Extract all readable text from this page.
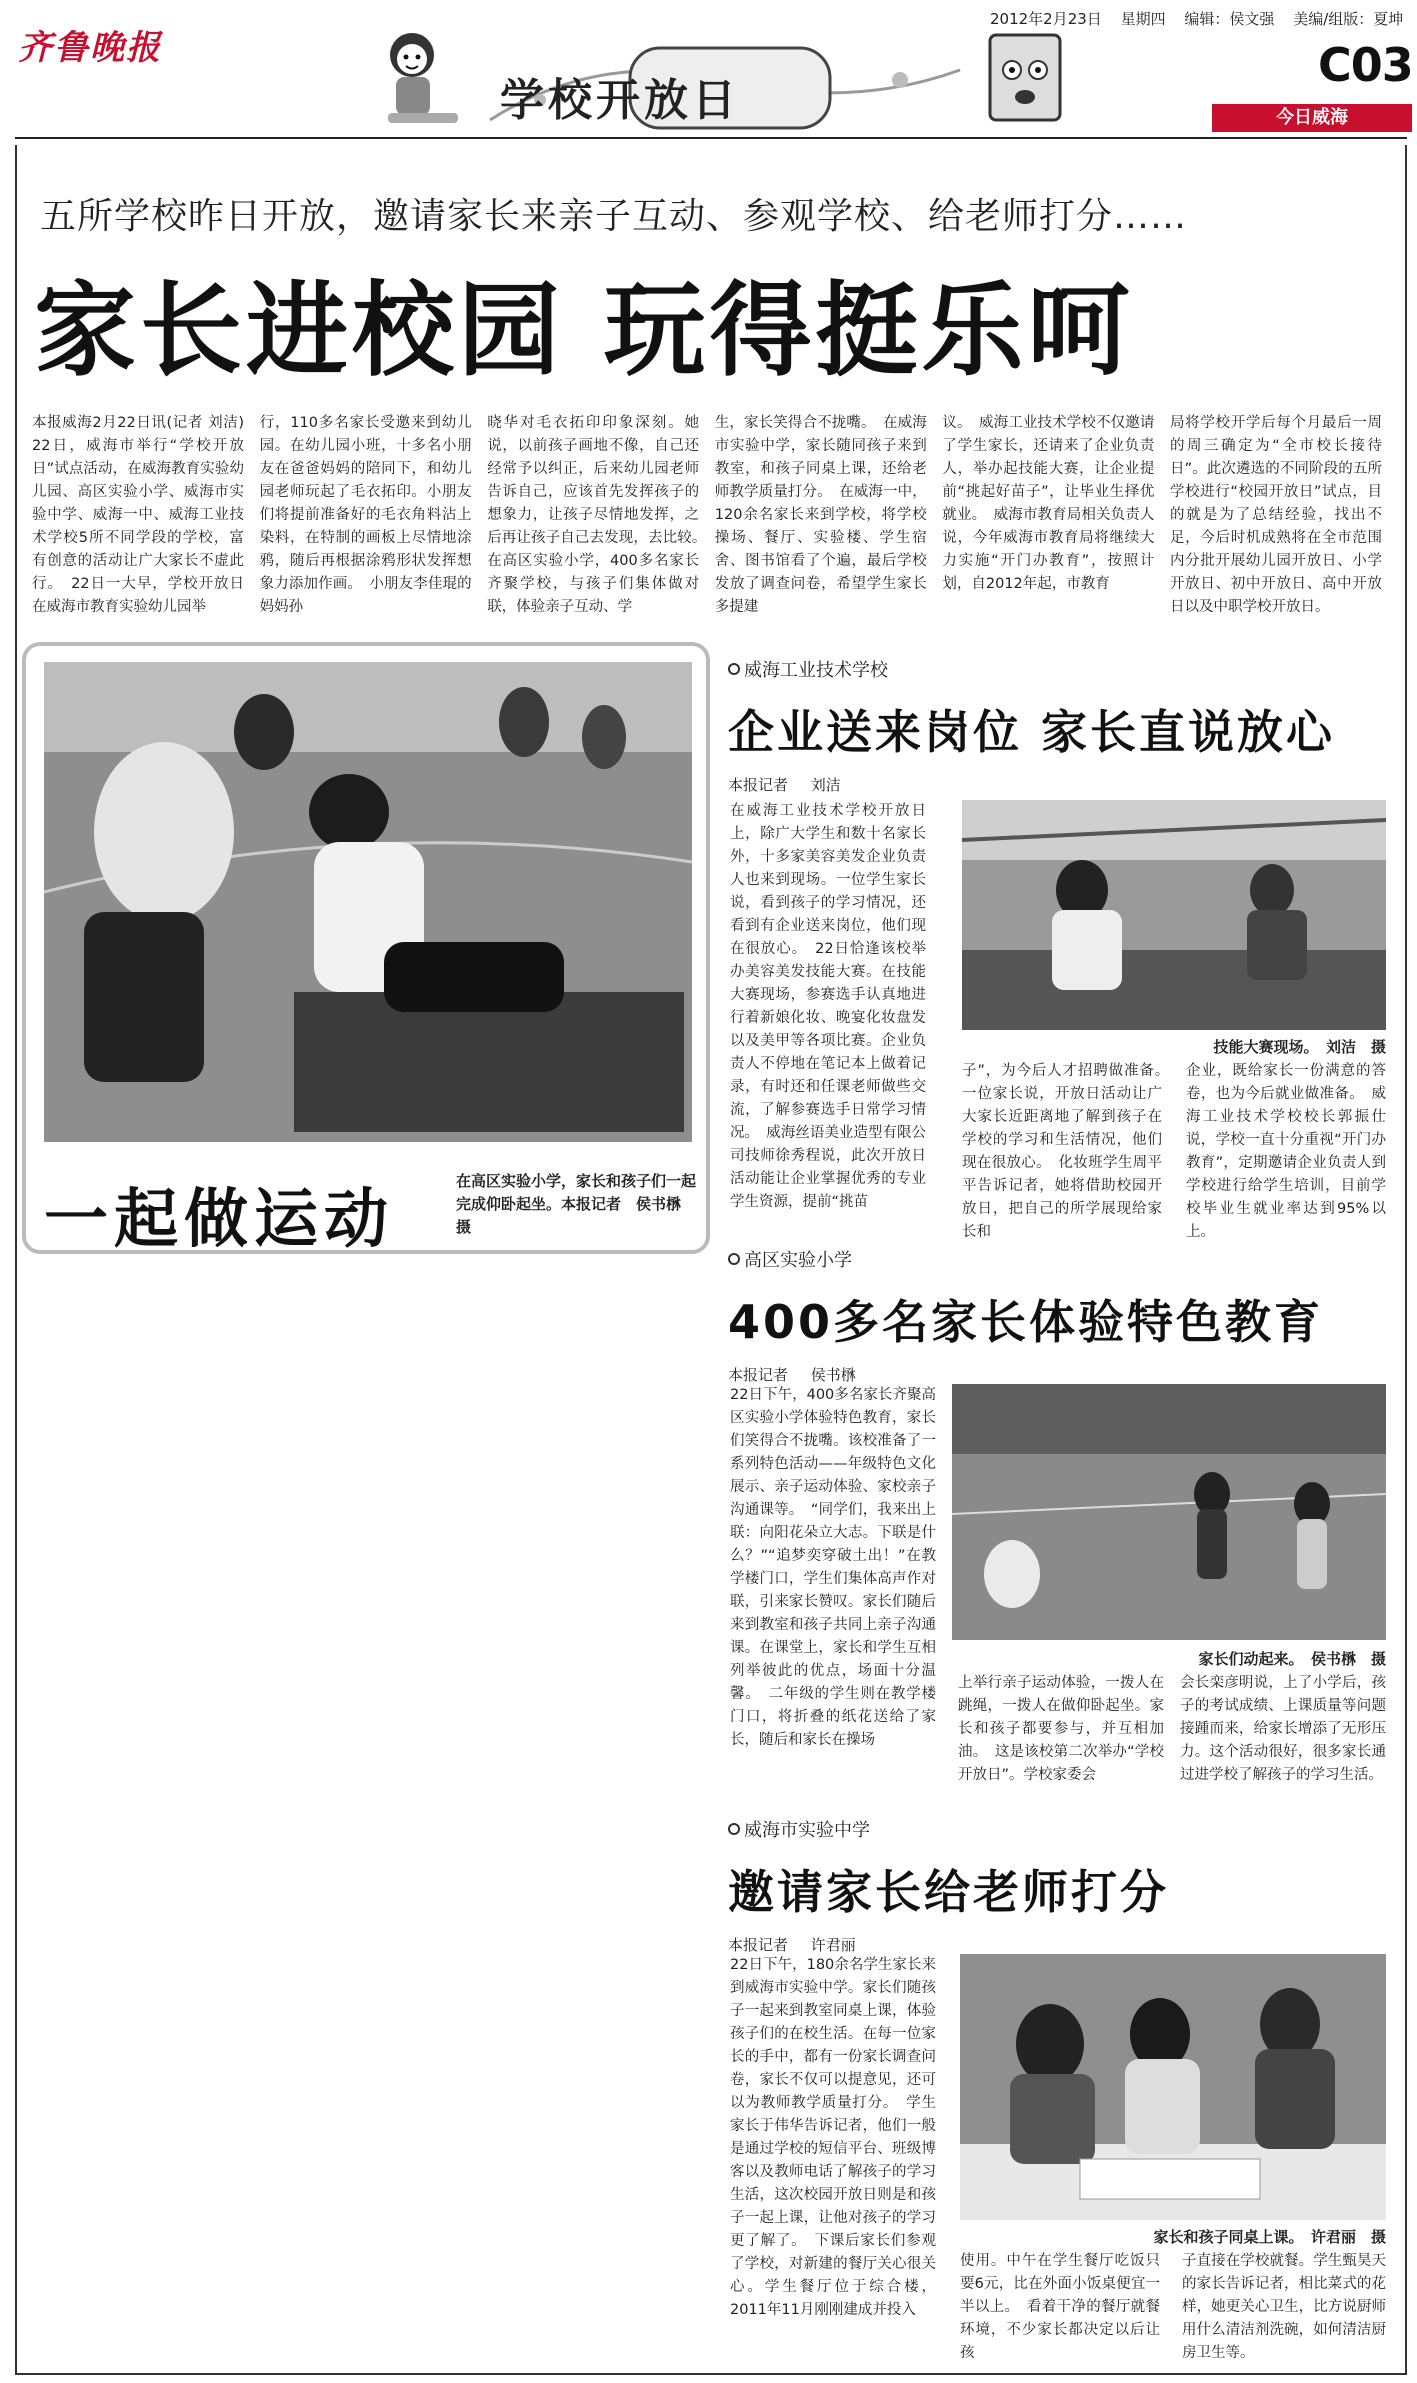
齐鲁晚报
2012年2月23日 星期四 编辑：侯文强 美编/组版：夏坤
C03
今日威海
学校开放日
五所学校昨日开放，邀请家长来亲子互动、参观学校、给老师打分……
家长进校园 玩得挺乐呵
本报威海2月22日讯(记者 刘洁) 22日，威海市举行“学校开放日”试点活动，在威海教育实验幼儿园、高区实验小学、威海市实验中学、威海一中、威海工业技术学校5所不同学段的学校，富有创意的活动让广大家长不虚此行。　22日一大早，学校开放日在威海市教育实验幼儿园举
行，110多名家长受邀来到幼儿园。在幼儿园小班，十多名小朋友在爸爸妈妈的陪同下，和幼儿园老师玩起了毛衣拓印。小朋友们将提前准备好的毛衣角料沾上染料，在特制的画板上尽情地涂鸦，随后再根据涂鸦形状发挥想象力添加作画。　小朋友李佳琨的妈妈孙
晓华对毛衣拓印印象深刻。她说，以前孩子画地不像，自己还经常予以纠正，后来幼儿园老师告诉自己，应该首先发挥孩子的想象力，让孩子尽情地发挥，之后再让孩子自己去发现，去比较。　在高区实验小学，400多名家长齐聚学校，与孩子们集体做对联，体验亲子互动、学
生，家长笑得合不拢嘴。　在威海市实验中学，家长随同孩子来到教室，和孩子同桌上课，还给老师教学质量打分。　在威海一中，120余名家长来到学校，将学校操场、餐厅、实验楼、学生宿舍、图书馆看了个遍，最后学校发放了调查问卷，希望学生家长多提建
议。　威海工业技术学校不仅邀请了学生家长，还请来了企业负责人，举办起技能大赛，让企业提前“挑起好苗子”，让毕业生择优就业。　威海市教育局相关负责人说，今年威海市教育局将继续大力实施“开门办教育”，按照计划，自2012年起，市教育
局将学校开学后每个月最后一周的周三确定为“全市校长接待日”。此次遴选的不同阶段的五所学校进行“校园开放日”试点，目的就是为了总结经验，找出不足，今后时机成熟将在全市范围内分批开展幼儿园开放日、小学开放日、初中开放日、高中开放日以及中职学校开放日。
一起做运动
在高区实验小学，家长和孩子们一起完成仰卧起坐。本报记者　侯书㮊　摄
威海工业技术学校
企业送来岗位 家长直说放心
本报记者 刘洁
在威海工业技术学校开放日上，除广大学生和数十名家长外，十多家美容美发企业负责人也来到现场。一位学生家长说，看到孩子的学习情况，还看到有企业送来岗位，他们现在很放心。　22日恰逢该校举办美容美发技能大赛。在技能大赛现场，参赛选手认真地进行着新娘化妆、晚宴化妆盘发以及美甲等各项比赛。企业负责人不停地在笔记本上做着记录，有时还和任课老师做些交流，了解参赛选手日常学习情况。　威海丝语美业造型有限公司技师徐秀程说，此次开放日活动能让企业掌握优秀的专业学生资源，提前“挑苗
技能大赛现场。　刘洁　摄
子”，为今后人才招聘做准备。　一位家长说，开放日活动让广大家长近距离地了解到孩子在学校的学习和生活情况，他们现在很放心。　化妆班学生周平平告诉记者，她将借助校园开放日，把自己的所学展现给家长和
企业，既给家长一份满意的答卷，也为今后就业做准备。　威海工业技术学校校长郭振仕说，学校一直十分重视“开门办教育”，定期邀请企业负责人到学校进行给学生培训，目前学校毕业生就业率达到95%以上。
高区实验小学
400多名家长体验特色教育
本报记者 侯书㮊
22日下午，400多名家长齐聚高区实验小学体验特色教育，家长们笑得合不拢嘴。该校准备了一系列特色活动——年级特色文化展示、亲子运动体验、家校亲子沟通课等。　“同学们，我来出上联：向阳花朵立大志。下联是什么？”“追梦奕穿破土出！”在教学楼门口，学生们集体高声作对联，引来家长赞叹。家长们随后来到教室和孩子共同上亲子沟通课。在课堂上，家长和学生互相列举彼此的优点，场面十分温馨。　二年级的学生则在教学楼门口，将折叠的纸花送给了家长，随后和家长在操场
家长们动起来。　侯书㮊　摄
上举行亲子运动体验，一拨人在跳绳，一拨人在做仰卧起坐。家长和孩子都要参与，并互相加油。　这是该校第二次举办“学校开放日”。学校家委会
会长栾彦明说，上了小学后，孩子的考试成绩、上课质量等问题接踵而来，给家长增添了无形压力。这个活动很好，很多家长通过进学校了解孩子的学习生活。
威海市实验中学
邀请家长给老师打分
本报记者 许君丽
22日下午，180余名学生家长来到威海市实验中学。家长们随孩子一起来到教室同桌上课，体验孩子们的在校生活。在每一位家长的手中，都有一份家长调查问卷，家长不仅可以提意见，还可以为教师教学质量打分。　学生家长于伟华告诉记者，他们一般是通过学校的短信平台、班级博客以及教师电话了解孩子的学习生活，这次校园开放日则是和孩子一起上课，让他对孩子的学习更了解了。　下课后家长们参观了学校，对新建的餐厅关心很关心。学生餐厅位于综合楼，2011年11月刚刚建成并投入
家长和孩子同桌上课。　许君丽　摄
使用。中午在学生餐厅吃饭只要6元，比在外面小饭桌便宜一半以上。　看着干净的餐厅就餐环境，不少家长都决定以后让孩
子直接在学校就餐。学生甄昊天的家长告诉记者，相比菜式的花样，她更关心卫生，比方说厨师用什么清洁剂洗碗，如何清洁厨房卫生等。
